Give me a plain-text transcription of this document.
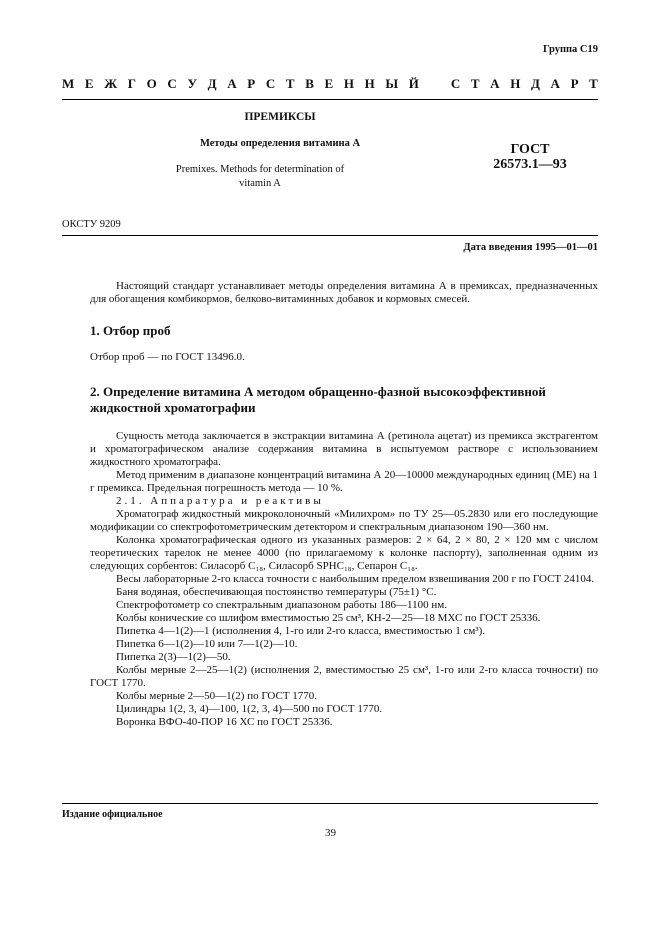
Группа С19
М Е Ж Г О С У Д А Р С Т В Е Н Н Ы Й С Т А Н Д А Р Т
ПРЕМИКСЫ
Методы определения витамина А
Premixes. Methods for determination of vitamin A
ГОСТ
26573.1—93
ОКСТУ 9209
Дата введения 1995—01—01

Настоящий стандарт устанавливает методы определения витамина А в премиксах, предназначенных для обогащения комбикормов, белково-витаминных добавок и кормовых смесей.

1. Отбор проб

Отбор проб — по ГОСТ 13496.0.

2. Определение витамина А методом обращенно-фазной высокоэффективной жидкостной хроматографии

Сущность метода заключается в экстракции витамина А (ретинола ацетат) из премикса экстрагентом и хроматографическом анализе содержания витамина в испытуемом растворе с использованием жидкостного хроматографа.

Метод применим в диапазоне концентраций витамина А 20—10000 международных единиц (МЕ) на 1 г премикса. Предельная погрешность метода — 10 %.

2.1. Аппаратура и реактивы

Хроматограф жидкостный микроколоночный «Милихром» по ТУ 25—05.2830 или его последующие модификации со спектрофотометрическим детектором и спектральным диапазоном 190—360 нм.

Колонка хроматографическая одного из указанных размеров: 2 × 64, 2 × 80, 2 × 120 мм с числом теоретических тарелок не менее 4000 (по прилагаемому к колонке паспорту), заполненная одним из следующих сорбентов: Силасорб C₁₈, Силасорб SPHC₁₈, Сепарон C₁₈.

Весы лабораторные 2-го класса точности с наибольшим пределом взвешивания 200 г по ГОСТ 24104.

Баня водяная, обеспечивающая постоянство температуры (75±1) °С.

Спектрофотометр со спектральным диапазоном работы 186—1100 нм.

Колбы конические со шлифом вместимостью 25 см³, КН-2—25—18 МХС по ГОСТ 25336.

Пипетка 4—1(2)—1 (исполнения 4, 1-го или 2-го класса, вместимостью 1 см³).

Пипетка 6—1(2)—10 или 7—1(2)—10.

Пипетка 2(3)—1(2)—50.

Колбы мерные 2—25—1(2) (исполнения 2, вместимостью 25 см³, 1-го или 2-го класса точности) по ГОСТ 1770.

Колбы мерные 2—50—1(2) по ГОСТ 1770.

Цилиндры 1(2, 3, 4)—100, 1(2, 3, 4)—500 по ГОСТ 1770.

Воронка ВФО-40-ПОР 16 ХС по ГОСТ 25336.

Издание официальное
39
